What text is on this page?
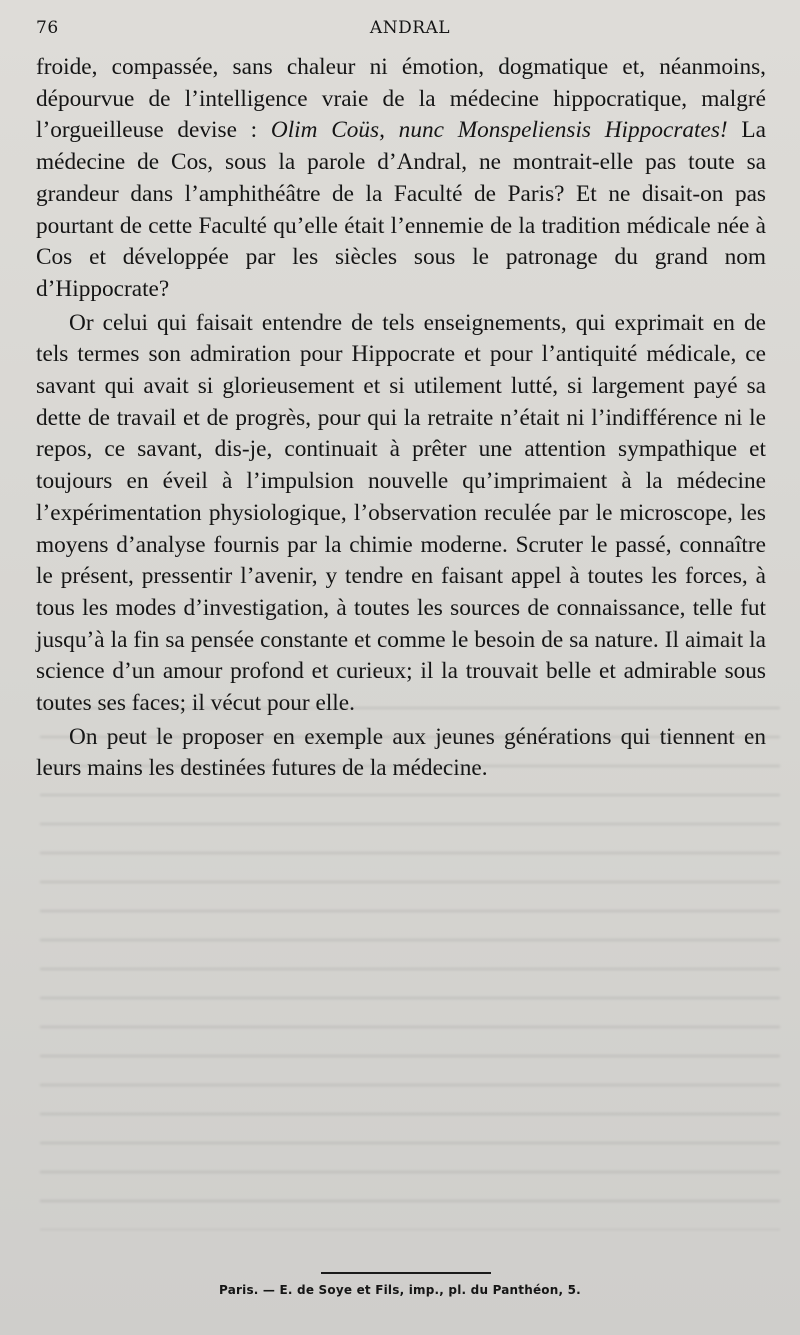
76	ANDRAL

froide, compassée, sans chaleur ni émotion, dogmatique et, néanmoins, dépourvue de l’intelligence vraie de la médecine hippocratique, malgré l’orgueilleuse devise : Olim Coüs, nunc Monspeliensis Hippocrates! La médecine de Cos, sous la parole d’Andral, ne montrait-elle pas toute sa grandeur dans l’amphithéâtre de la Faculté de Paris? Et ne disait-on pas pourtant de cette Faculté qu’elle était l’ennemie de la tradition médicale née à Cos et développée par les siècles sous le patronage du grand nom d’Hippocrate?

Or celui qui faisait entendre de tels enseignements, qui exprimait en de tels termes son admiration pour Hippocrate et pour l’antiquité médicale, ce savant qui avait si glorieusement et si utilement lutté, si largement payé sa dette de travail et de progrès, pour qui la retraite n’était ni l’indifférence ni le repos, ce savant, dis-je, continuait à prêter une attention sympathique et toujours en éveil à l’impulsion nouvelle qu’imprimaient à la médecine l’expérimentation physiologique, l’observation reculée par le microscope, les moyens d’analyse fournis par la chimie moderne. Scruter le passé, connaître le présent, pressentir l’avenir, y tendre en faisant appel à toutes les forces, à tous les modes d’investigation, à toutes les sources de connaissance, telle fut jusqu’à la fin sa pensée constante et comme le besoin de sa nature. Il aimait la science d’un amour profond et curieux; il la trouvait belle et admirable sous toutes ses faces; il vécut pour elle.

On peut le proposer en exemple aux jeunes générations qui tiennent en leurs mains les destinées futures de la médecine.

Paris. — E. de Soye et Fils, imp., pl. du Panthéon, 5.
